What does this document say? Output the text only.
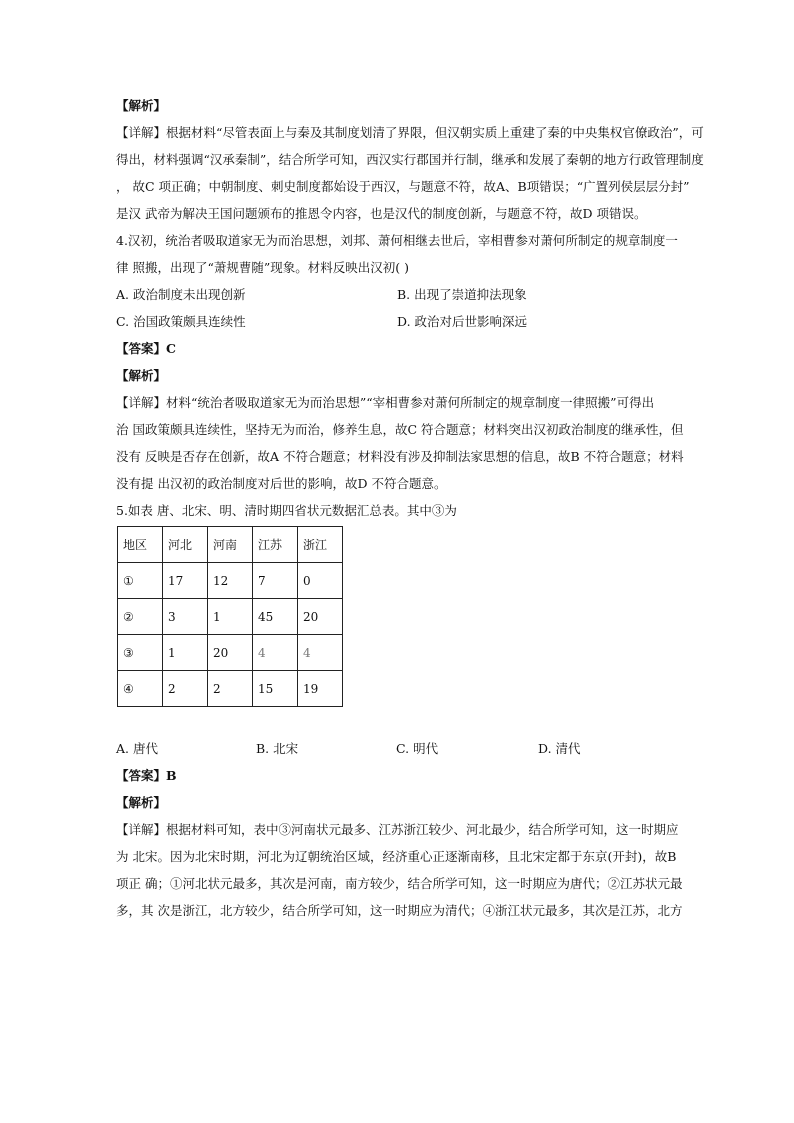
【解析】
【详解】根据材料“尽管表面上与秦及其制度划清了界限，但汉朝实质上重建了秦的中央集权官僚政治”，可
得出，材料强调“汉承秦制”，结合所学可知，西汉实行郡国并行制，继承和发展了秦朝的地方行政管理制度
， 故C 项正确；中朝制度、刺史制度都始设于西汉，与题意不符，故A、B项错误；“广置列侯层层分封”
是汉 武帝为解决王国问题颁布的推恩令内容，也是汉代的制度创新，与题意不符，故D 项错误。
4.汉初，统治者吸取道家无为而治思想，刘邦、萧何相继去世后，宰相曹参对萧何所制定的规章制度一
律 照搬，出现了“萧规曹随”现象。材料反映出汉初( )
A. 政治制度未出现创新	B. 出现了崇道抑法现象
C. 治国政策颇具连续性	D. 政治对后世影响深远
【答案】C
【解析】
【详解】材料“统治者吸取道家无为而治思想”“宰相曹参对萧何所制定的规章制度一律照搬”可得出
治 国政策颇具连续性，坚持无为而治，修养生息，故C 符合题意；材料突出汉初政治制度的继承性，但
没有 反映是否存在创新，故A 不符合题意；材料没有涉及抑制法家思想的信息，故B 不符合题意；材料
没有提 出汉初的政治制度对后世的影响，故D 不符合题意。
5.如表 唐、北宋、明、清时期四省状元数据汇总表。其中③为
地区	河北	河南	江苏	浙江
①	17	12	7	0
②	3	1	45	20
③	1	20	4	4
④	2	2	15	19
A. 唐代	B. 北宋	C. 明代	D. 清代
【答案】B
【解析】
【详解】根据材料可知，表中③河南状元最多、江苏浙江较少、河北最少，结合所学可知，这一时期应
为 北宋。因为北宋时期，河北为辽朝统治区域，经济重心正逐渐南移，且北宋定都于东京(开封)，故B
项正 确；①河北状元最多，其次是河南，南方较少，结合所学可知，这一时期应为唐代；②江苏状元最
多，其 次是浙江，北方较少，结合所学可知，这一时期应为清代；④浙江状元最多，其次是江苏，北方
